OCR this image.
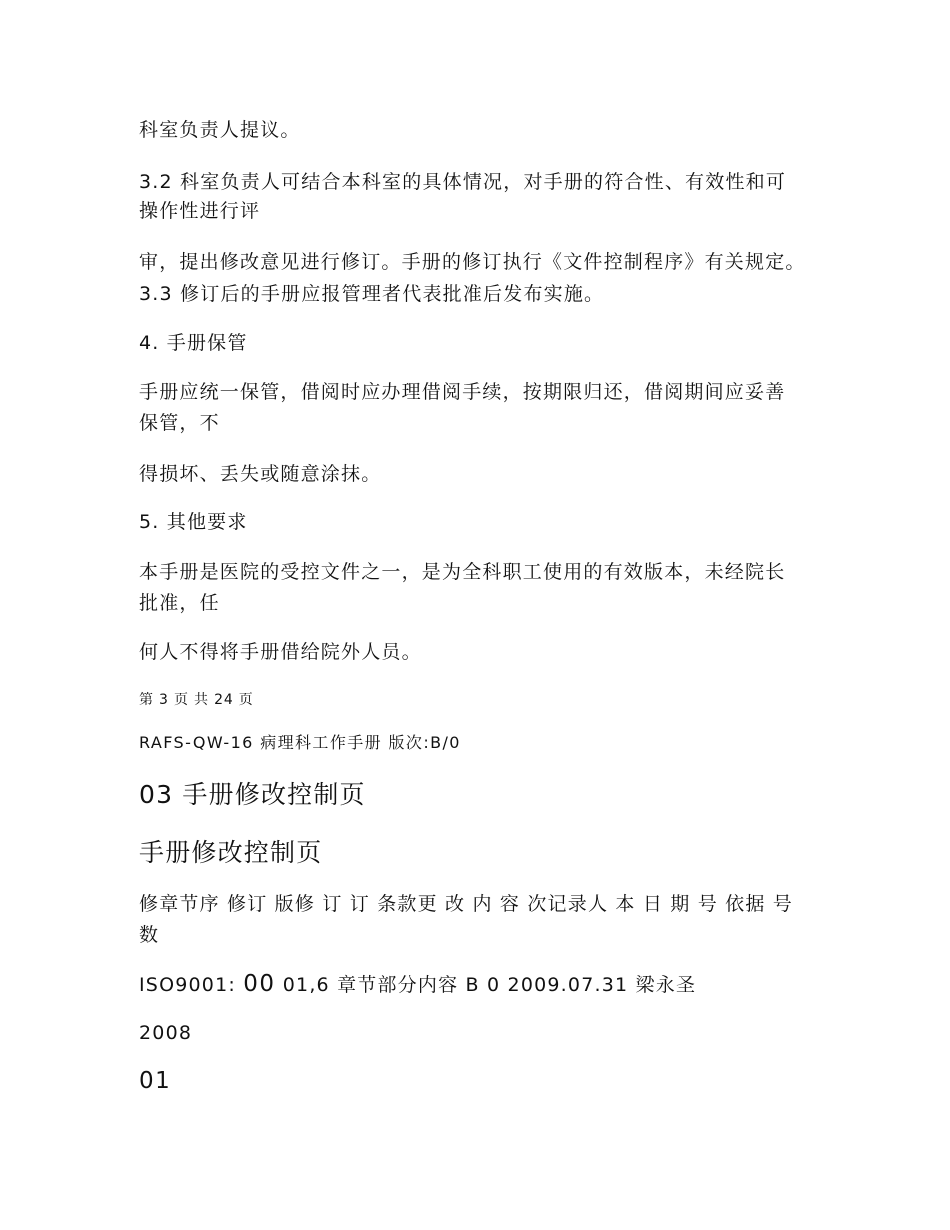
科室负责人提议。
3.2 科室负责人可结合本科室的具体情况，对手册的符合性、有效性和可
操作性进行评
审，提出修改意见进行修订。手册的修订执行《文件控制程序》有关规定。
3.3 修订后的手册应报管理者代表批准后发布实施。
4. 手册保管
手册应统一保管，借阅时应办理借阅手续，按期限归还，借阅期间应妥善
保管，不
得损坏、丢失或随意涂抹。
5. 其他要求
本手册是医院的受控文件之一，是为全科职工使用的有效版本，未经院长
批准，任
何人不得将手册借给院外人员。
第 3 页 共 24 页
RAFS-QW-16 病理科工作手册 版次:B/0
03 手册修改控制页
手册修改控制页
修章节序 修订 版修 订 订 条款更 改 内 容 次记录人 本 日 期 号 依据 号
数
ISO9001: 00 01,6 章节部分内容 B 0 2009.07.31 梁永圣
2008
01
